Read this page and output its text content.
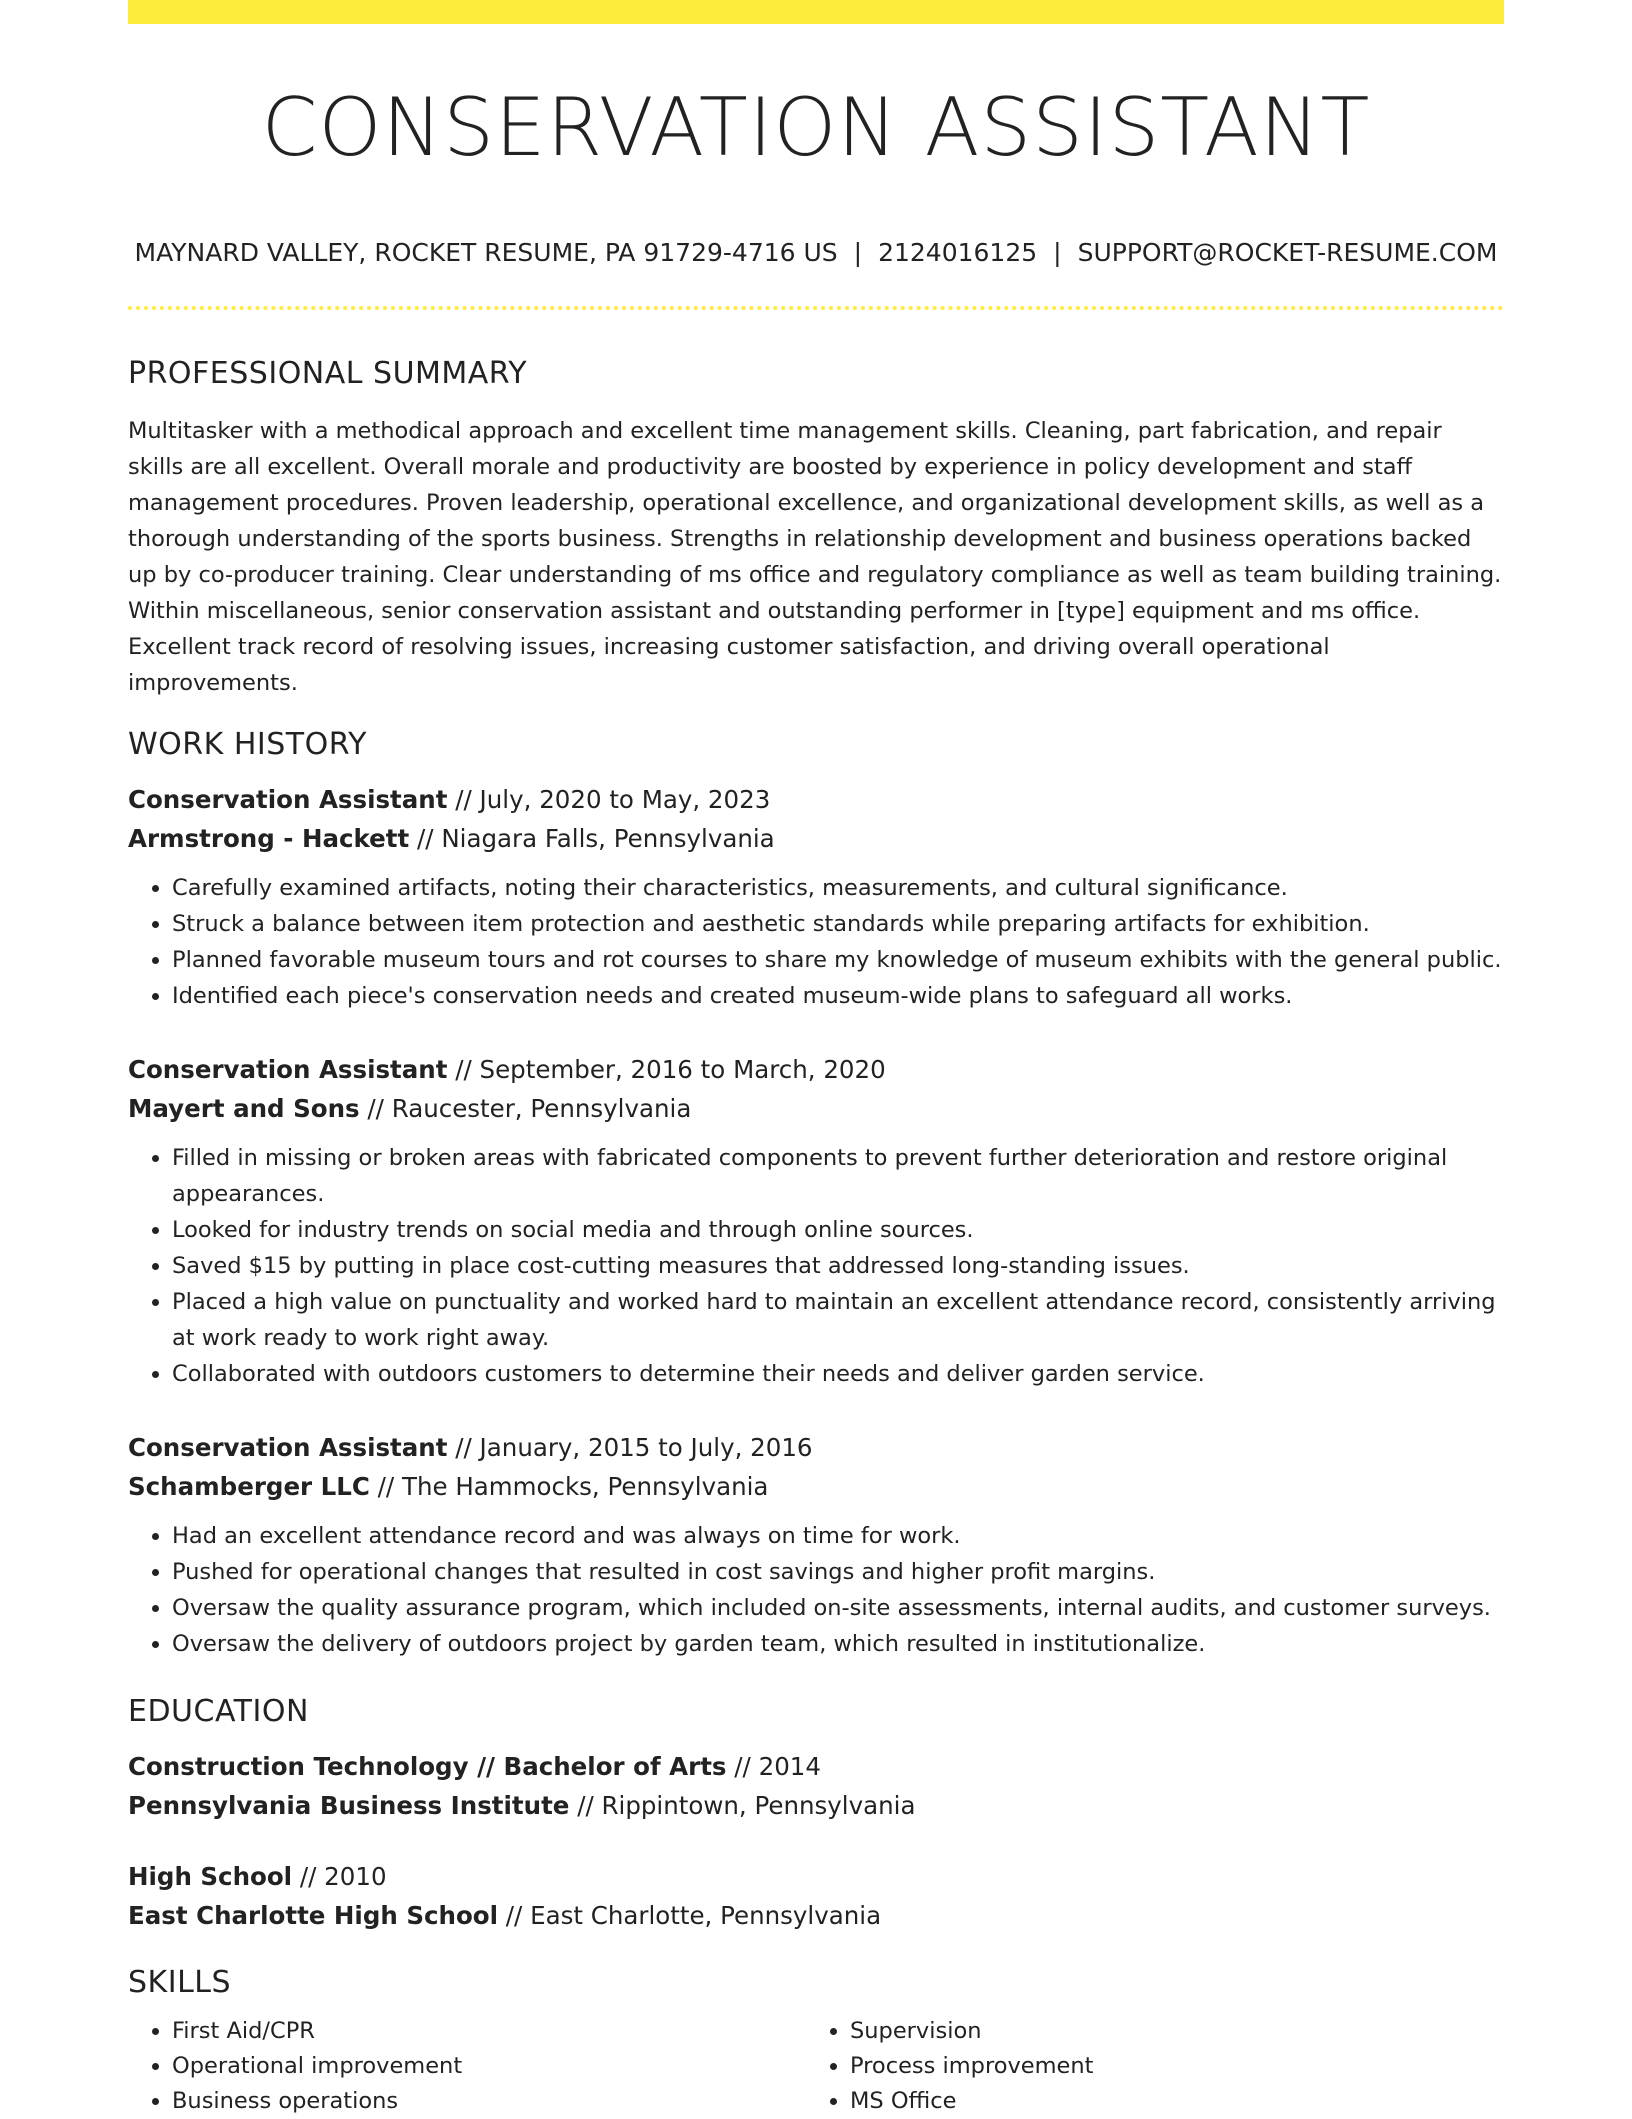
CONSERVATION ASSISTANT
MAYNARD VALLEY, ROCKET RESUME, PA 91729-4716 US | 2124016125 | SUPPORT@ROCKET-RESUME.COM
PROFESSIONAL SUMMARY
Multitasker with a methodical approach and excellent time management skills. Cleaning, part fabrication, and repair skills are all excellent. Overall morale and productivity are boosted by experience in policy development and staff management procedures. Proven leadership, operational excellence, and organizational development skills, as well as a thorough understanding of the sports business. Strengths in relationship development and business operations backed up by co-producer training. Clear understanding of ms office and regulatory compliance as well as team building training. Within miscellaneous, senior conservation assistant and outstanding performer in [type] equipment and ms office. Excellent track record of resolving issues, increasing customer satisfaction, and driving overall operational improvements.
WORK HISTORY
Conservation Assistant // July, 2020 to May, 2023
Armstrong - Hackett // Niagara Falls, Pennsylvania
• Carefully examined artifacts, noting their characteristics, measurements, and cultural significance.
• Struck a balance between item protection and aesthetic standards while preparing artifacts for exhibition.
• Planned favorable museum tours and rot courses to share my knowledge of museum exhibits with the general public.
• Identified each piece's conservation needs and created museum-wide plans to safeguard all works.
Conservation Assistant // September, 2016 to March, 2020
Mayert and Sons // Raucester, Pennsylvania
• Filled in missing or broken areas with fabricated components to prevent further deterioration and restore original appearances.
• Looked for industry trends on social media and through online sources.
• Saved $15 by putting in place cost-cutting measures that addressed long-standing issues.
• Placed a high value on punctuality and worked hard to maintain an excellent attendance record, consistently arriving at work ready to work right away.
• Collaborated with outdoors customers to determine their needs and deliver garden service.
Conservation Assistant // January, 2015 to July, 2016
Schamberger LLC // The Hammocks, Pennsylvania
• Had an excellent attendance record and was always on time for work.
• Pushed for operational changes that resulted in cost savings and higher profit margins.
• Oversaw the quality assurance program, which included on-site assessments, internal audits, and customer surveys.
• Oversaw the delivery of outdoors project by garden team, which resulted in institutionalize.
EDUCATION
Construction Technology // Bachelor of Arts // 2014
Pennsylvania Business Institute // Rippintown, Pennsylvania
High School // 2010
East Charlotte High School // East Charlotte, Pennsylvania
SKILLS
• First Aid/CPR
• Operational improvement
• Business operations
• Supervision
• Process improvement
• MS Office
